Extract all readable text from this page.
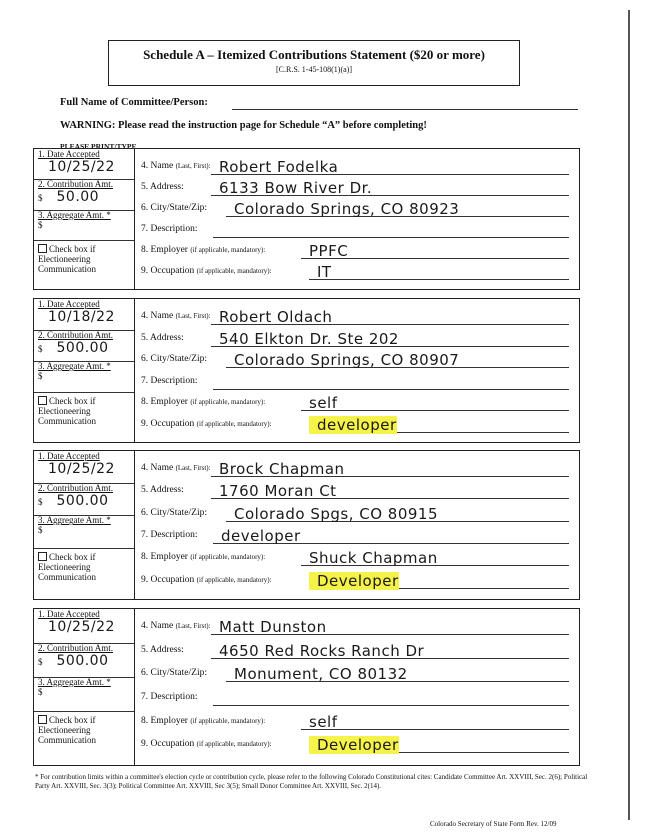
Schedule A – Itemized Contributions Statement ($20 or more)
[C.R.S. 1-45-108(1)(a)]
Full Name of Committee/Person:
WARNING: Please read the instruction page for Schedule “A” before completing!
PLEASE PRINT/TYPE
1. Date Accepted
10/25/22
2. Contribution Amt.
$ 50.00
3. Aggregate Amt. *
$
Check box if
Electioneering
Communication
4. Name (Last, First): Robert Fodelka
5. Address:	6133 Bow River Dr.
6. City/State/Zip:	Colorado Springs, CO 80923
7. Description:
8. Employer (if applicable, mandatory):	PPFC
9. Occupation (if applicable, mandatory):	IT
1. Date Accepted
10/18/22
2. Contribution Amt.
$ 500.00
3. Aggregate Amt. *
$
Check box if
Electioneering
Communication
4. Name (Last, First): Robert Oldach
5. Address:	540 Elkton Dr. Ste 202
6. City/State/Zip:	Colorado Springs, CO 80907
7. Description:
8. Employer (if applicable, mandatory):	self
9. Occupation (if applicable, mandatory):	developer
1. Date Accepted
10/25/22
2. Contribution Amt.
$ 500.00
3. Aggregate Amt. *
$
Check box if
Electioneering
Communication
4. Name (Last, First): Brock Chapman
5. Address:	1760 Moran Ct
6. City/State/Zip:	Colorado Spgs, CO 80915
7. Description:	developer
8. Employer (if applicable, mandatory):	Shuck Chapman
9. Occupation (if applicable, mandatory):	Developer
1. Date Accepted
10/25/22
2. Contribution Amt.
$ 500.00
3. Aggregate Amt. *
$
Check box if
Electioneering
Communication
4. Name (Last, First): Matt Dunston
5. Address:	4650 Red Rocks Ranch Dr
6. City/State/Zip:	Monument, CO 80132
7. Description:
8. Employer (if applicable, mandatory):	self
9. Occupation (if applicable, mandatory):	Developer
* For contribution limits within a committee's election cycle or contribution cycle, please refer to the following Colorado Constitutional cites: Candidate Committee Art. XXVIII, Sec. 2(6); Political Party Art. XXVIII, Sec. 3(3); Political Committee Art. XXVIII, Sec 3(5); Small Donor Committee Art. XXVIII, Sec. 2(14).
Colorado Secretary of State Form Rev. 12/09
